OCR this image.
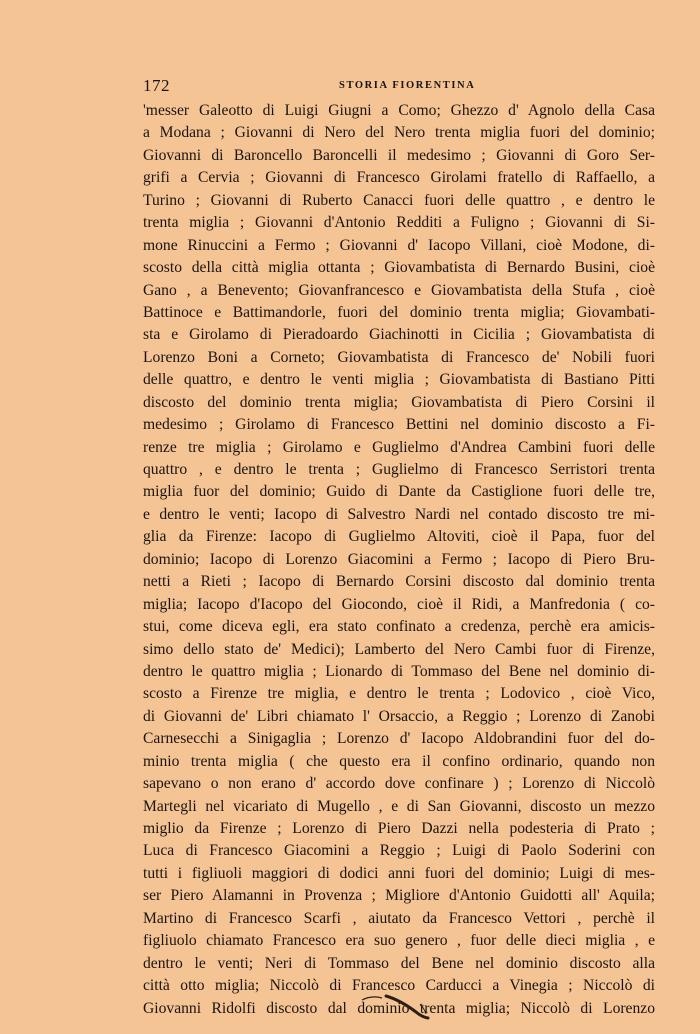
172	STORIA FIORENTINA
'messer Galeotto di Luigi Giugni a Como; Ghezzo d' Agnolo della Casa
a Modana ; Giovanni di Nero del Nero trenta miglia fuori del dominio;
Giovanni di Baroncello Baroncelli il medesimo ; Giovanni di Goro Ser-
grifi a Cervia ; Giovanni di Francesco Girolami fratello di Raffaello, a
Turino ; Giovanni di Ruberto Canacci fuori delle quattro , e dentro le
trenta miglia ; Giovanni d'Antonio Redditi a Fuligno ; Giovanni di Si-
mone Rinuccini a Fermo ; Giovanni d' Iacopo Villani, cioè Modone, di-
scosto della città miglia ottanta ; Giovambatista di Bernardo Busini, cioè
Gano , a Benevento; Giovanfrancesco e Giovambatista della Stufa , cioè
Battinoce e Battimandorle, fuori del dominio trenta miglia; Giovambati-
sta e Girolamo di Pieradoardo Giachinotti in Cicilia ; Giovambatista di
Lorenzo Boni a Corneto; Giovambatista di Francesco de' Nobili fuori
delle quattro, e dentro le venti miglia ; Giovambatista di Bastiano Pitti
discosto del dominio trenta miglia; Giovambatista di Piero Corsini il
medesimo ; Girolamo di Francesco Bettini nel dominio discosto a Fi-
renze tre miglia ; Girolamo e Guglielmo d'Andrea Cambini fuori delle
quattro , e dentro le trenta ; Guglielmo di Francesco Serristori trenta
miglia fuor del dominio; Guido di Dante da Castiglione fuori delle tre,
e dentro le venti; Iacopo di Salvestro Nardi nel contado discosto tre mi-
glia da Firenze: Iacopo di Guglielmo Altoviti, cioè il Papa, fuor del
dominio; Iacopo di Lorenzo Giacomini a Fermo ; Iacopo di Piero Bru-
netti a Rieti ; Iacopo di Bernardo Corsini discosto dal dominio trenta
miglia; Iacopo d'Iacopo del Giocondo, cioè il Ridi, a Manfredonia ( co-
stui, come diceva egli, era stato confinato a credenza, perchè era amicis-
simo dello stato de' Medici); Lamberto del Nero Cambi fuor di Firenze,
dentro le quattro miglia ; Lionardo di Tommaso del Bene nel dominio di-
scosto a Firenze tre miglia, e dentro le trenta ; Lodovico , cioè Vico,
di Giovanni de' Libri chiamato l' Orsaccio, a Reggio ; Lorenzo di Zanobi
Carnesecchi a Sinigaglia ; Lorenzo d' Iacopo Aldobrandini fuor del do-
minio trenta miglia ( che questo era il confino ordinario, quando non
sapevano o non erano d' accordo dove confinare ) ; Lorenzo di Niccolò
Martegli nel vicariato di Mugello , e di San Giovanni, discosto un mezzo
miglio da Firenze ; Lorenzo di Piero Dazzi nella podesteria di Prato ;
Luca di Francesco Giacomini a Reggio ; Luigi di Paolo Soderini con
tutti i figliuoli maggiori di dodici anni fuori del dominio; Luigi di mes-
ser Piero Alamanni in Provenza ; Migliore d'Antonio Guidotti all' Aquila;
Martino di Francesco Scarfi , aiutato da Francesco Vettori , perchè il
figliuolo chiamato Francesco era suo genero , fuor delle dieci miglia , e
dentro le venti; Neri di Tommaso del Bene nel dominio discosto alla
città otto miglia; Niccolò di Francesco Carducci a Vinegia ; Niccolò di
Giovanni Ridolfi discosto dal dominio trenta miglia; Niccolò di Lorenzo
